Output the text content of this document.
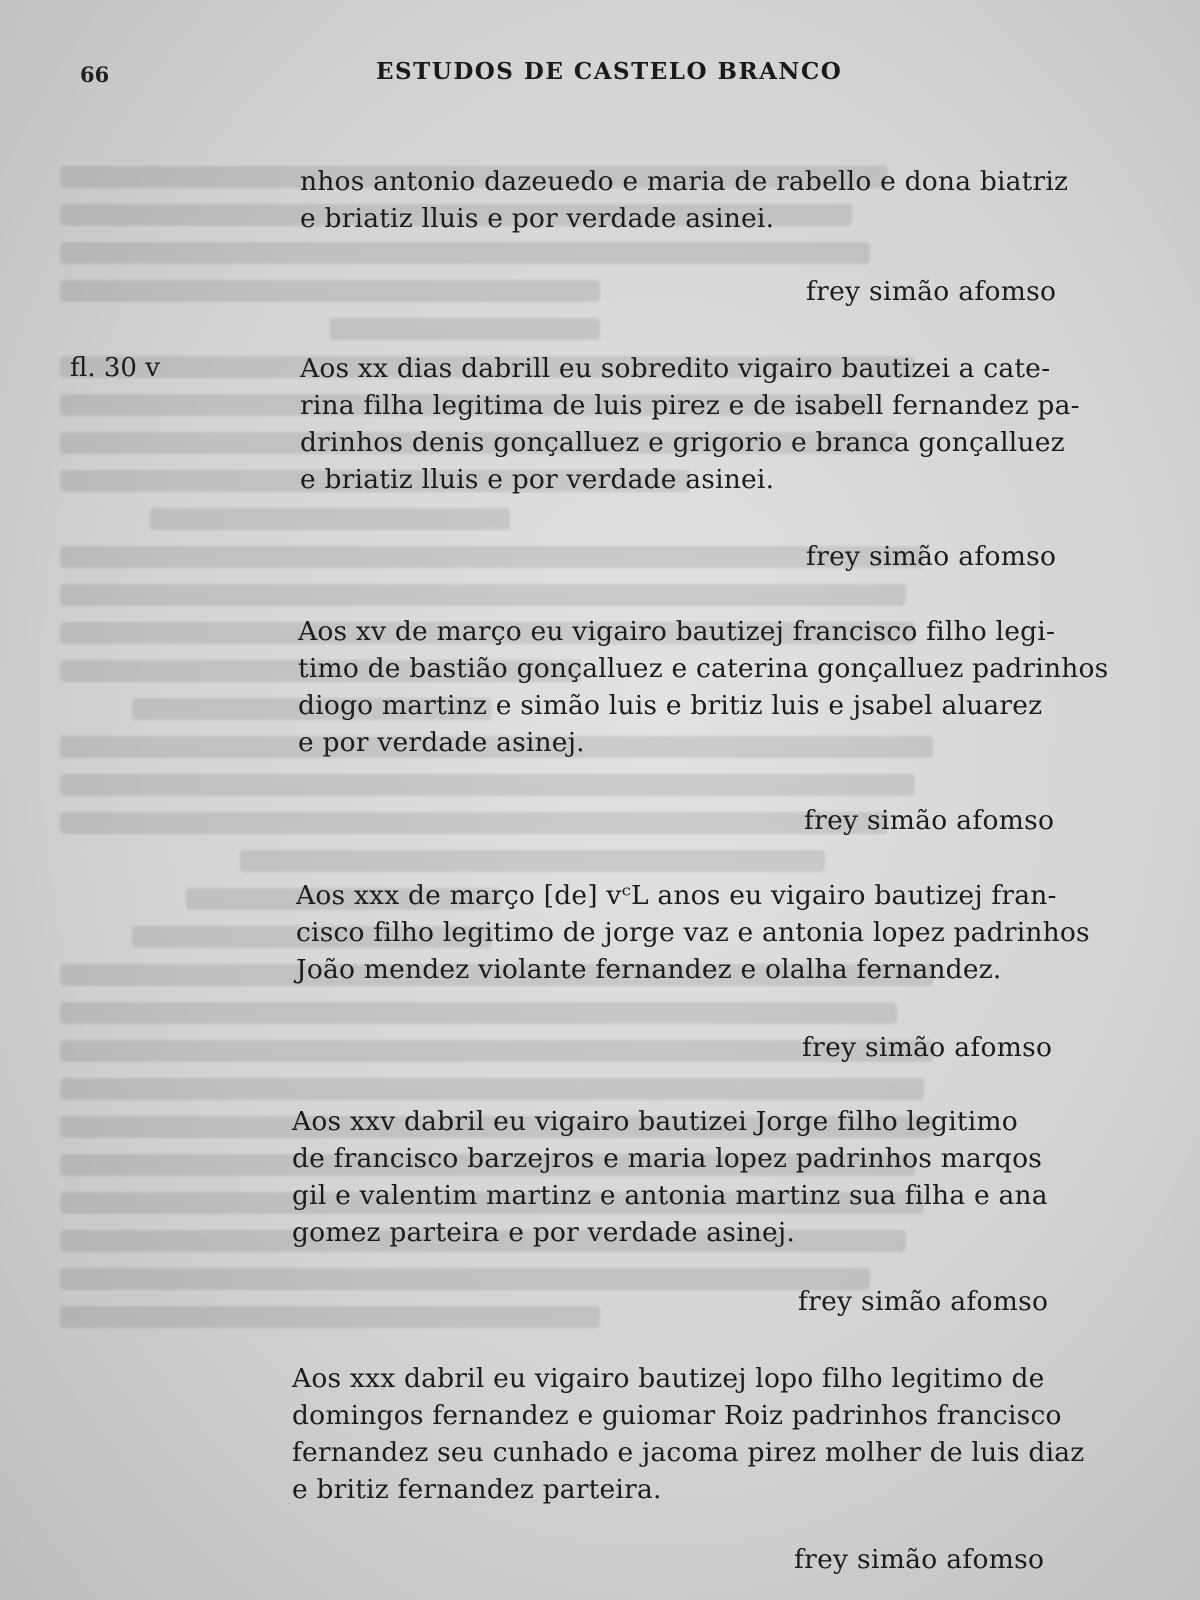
66	ESTUDOS DE CASTELO BRANCO
nhos antonio dazeuedo e maria de rabello e dona biatriz
e briatiz lluis e por verdade asinei.
frey simão afomso
fl. 30 v	Aos xx dias dabrill eu sobredito vigairo bautizei a cate-
rina filha legitima de luis pirez e de isabell fernandez pa-
drinhos denis gonçalluez e grigorio e branca gonçalluez
e briatiz lluis e por verdade asinei.
frey simão afomso
Aos xv de março eu vigairo bautizej francisco filho legi-
timo de bastião gonçalluez e caterina gonçalluez padrinhos
diogo martinz e simão luis e britiz luis e jsabel aluarez
e por verdade asinej.
frey simão afomso
Aos xxx de março [de] vᶜL anos eu vigairo bautizej fran-
cisco filho legitimo de jorge vaz e antonia lopez padrinhos
João mendez violante fernandez e olalha fernandez.
frey simão afomso
Aos xxv dabril eu vigairo bautizei Jorge filho legitimo
de francisco barzejros e maria lopez padrinhos marqos
gil e valentim martinz e antonia martinz sua filha e ana
gomez parteira e por verdade asinej.
frey simão afomso
Aos xxx dabril eu vigairo bautizej lopo filho legitimo de
domingos fernandez e guiomar Roiz padrinhos francisco
fernandez seu cunhado e jacoma pirez molher de luis diaz
e britiz fernandez parteira.
frey simão afomso
